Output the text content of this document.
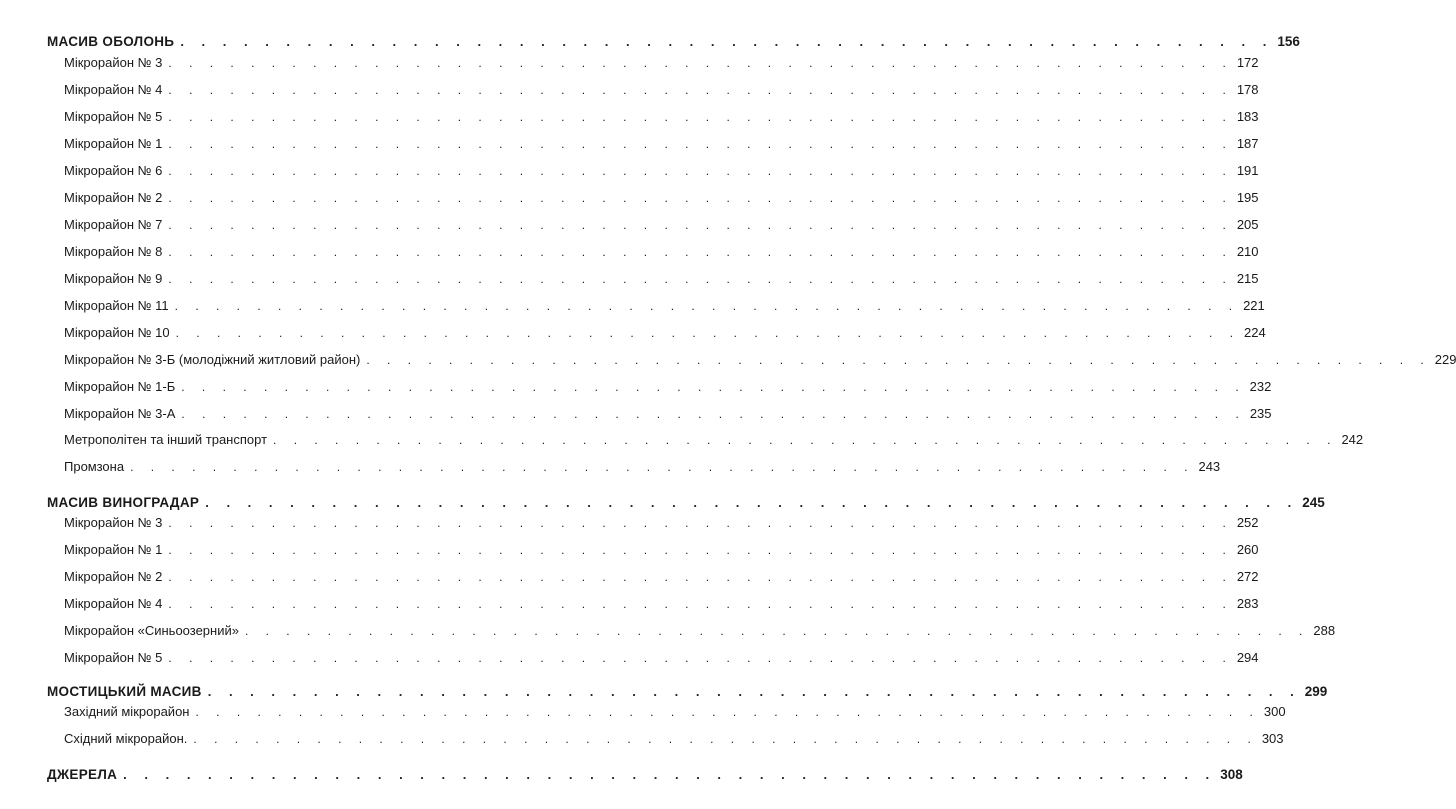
МАСИВ ОБОЛОНЬ . . . . . . . . . . . . . . . . . . . . . . . . . . . . . . . . . . . . . . . . . . . . . . . . . . . . 156
Мікрорайон № 3 . . . . . . . . . . . . . . . . . . . . . . . . . . . . . . . . . . . . . . . . . . . . . . . . . . . . 172
Мікрорайон № 4 . . . . . . . . . . . . . . . . . . . . . . . . . . . . . . . . . . . . . . . . . . . . . . . . . . . . 178
Мікрорайон № 5 . . . . . . . . . . . . . . . . . . . . . . . . . . . . . . . . . . . . . . . . . . . . . . . . . . . . 183
Мікрорайон № 1 . . . . . . . . . . . . . . . . . . . . . . . . . . . . . . . . . . . . . . . . . . . . . . . . . . . . 187
Мікрорайон № 6 . . . . . . . . . . . . . . . . . . . . . . . . . . . . . . . . . . . . . . . . . . . . . . . . . . . . 191
Мікрорайон № 2 . . . . . . . . . . . . . . . . . . . . . . . . . . . . . . . . . . . . . . . . . . . . . . . . . . . . 195
Мікрорайон № 7 . . . . . . . . . . . . . . . . . . . . . . . . . . . . . . . . . . . . . . . . . . . . . . . . . . . . 205
Мікрорайон № 8 . . . . . . . . . . . . . . . . . . . . . . . . . . . . . . . . . . . . . . . . . . . . . . . . . . . . 210
Мікрорайон № 9 . . . . . . . . . . . . . . . . . . . . . . . . . . . . . . . . . . . . . . . . . . . . . . . . . . . . 215
Мікрорайон № 11 . . . . . . . . . . . . . . . . . . . . . . . . . . . . . . . . . . . . . . . . . . . . . . . . . . . . 221
Мікрорайон № 10 . . . . . . . . . . . . . . . . . . . . . . . . . . . . . . . . . . . . . . . . . . . . . . . . . . . . 224
Мікрорайон № 3-Б (молодіжний житловий район) . . . . . . . . . . . . . . . . . . . . . . . . . . . . . . . . . . . . . . . . . . . . . . . . . . . . 229
Мікрорайон № 1-Б . . . . . . . . . . . . . . . . . . . . . . . . . . . . . . . . . . . . . . . . . . . . . . . . . . . . 232
Мікрорайон № 3-А . . . . . . . . . . . . . . . . . . . . . . . . . . . . . . . . . . . . . . . . . . . . . . . . . . . . 235
Метрополітен та інший транспорт . . . . . . . . . . . . . . . . . . . . . . . . . . . . . . . . . . . . . . . . . . . . . . . . . . . . 242
Промзона . . . . . . . . . . . . . . . . . . . . . . . . . . . . . . . . . . . . . . . . . . . . . . . . . . . . 243
МАСИВ ВИНОГРАДАР . . . . . . . . . . . . . . . . . . . . . . . . . . . . . . . . . . . . . . . . . . . . . . . . . . . . 245
Мікрорайон № 3 . . . . . . . . . . . . . . . . . . . . . . . . . . . . . . . . . . . . . . . . . . . . . . . . . . . . 252
Мікрорайон № 1 . . . . . . . . . . . . . . . . . . . . . . . . . . . . . . . . . . . . . . . . . . . . . . . . . . . . 260
Мікрорайон № 2 . . . . . . . . . . . . . . . . . . . . . . . . . . . . . . . . . . . . . . . . . . . . . . . . . . . . 272
Мікрорайон № 4 . . . . . . . . . . . . . . . . . . . . . . . . . . . . . . . . . . . . . . . . . . . . . . . . . . . . 283
Мікрорайон «Синьоозерний» . . . . . . . . . . . . . . . . . . . . . . . . . . . . . . . . . . . . . . . . . . . . . . . . . . . . 288
Мікрорайон № 5 . . . . . . . . . . . . . . . . . . . . . . . . . . . . . . . . . . . . . . . . . . . . . . . . . . . . 294
МОСТИЦЬКИЙ МАСИВ . . . . . . . . . . . . . . . . . . . . . . . . . . . . . . . . . . . . . . . . . . . . . . . . . . . . 299
Західний мікрорайон . . . . . . . . . . . . . . . . . . . . . . . . . . . . . . . . . . . . . . . . . . . . . . . . . . . . 300
Східний мікрорайон. . . . . . . . . . . . . . . . . . . . . . . . . . . . . . . . . . . . . . . . . . . . . . . . . . . . . 303
ДЖЕРЕЛА . . . . . . . . . . . . . . . . . . . . . . . . . . . . . . . . . . . . . . . . . . . . . . . . . . . . 308
